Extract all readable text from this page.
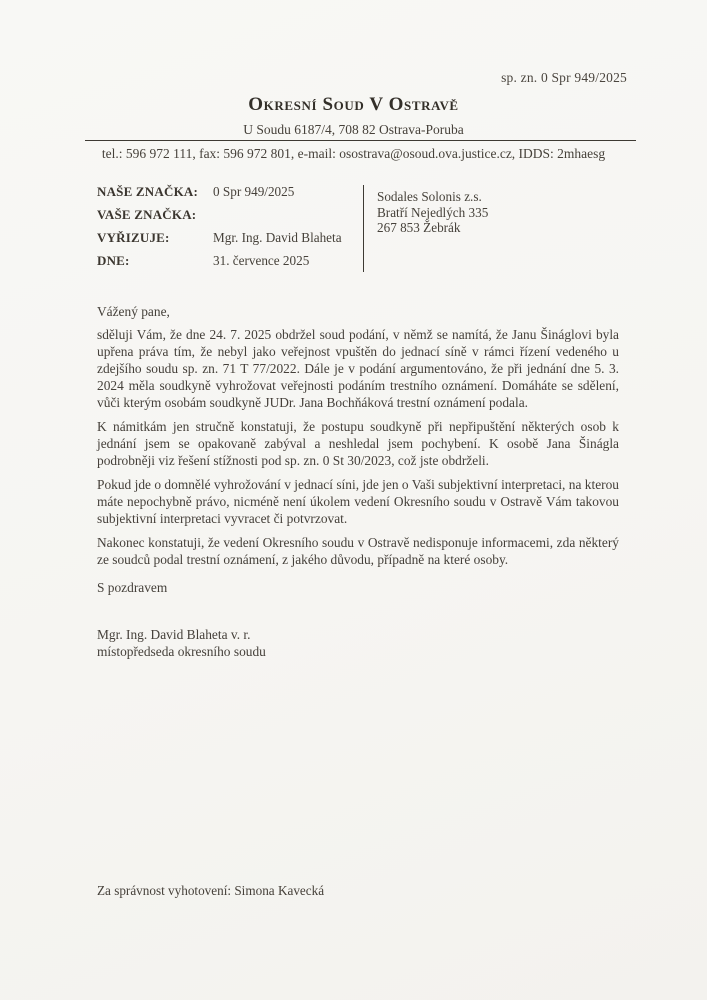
sp. zn. 0 Spr 949/2025
Okresní Soud V Ostravě
U Soudu 6187/4, 708 82 Ostrava-Poruba
tel.: 596 972 111, fax: 596 972 801, e-mail: osostrava@osoud.ova.justice.cz, IDDS: 2mhaesg
NAŠE ZNAČKA:	0 Spr 949/2025
VAŠE ZNAČKA:
VYŘIZUJE:	Mgr. Ing. David Blaheta
DNE:	31. července 2025
Sodales Solonis z.s.
Bratří Nejedlých 335
267 853 Žebrák

Vážený pane,

sděluji Vám, že dne 24. 7. 2025 obdržel soud podání, v němž se namítá, že Janu Šináglovi byla upřena práva tím, že nebyl jako veřejnost vpuštěn do jednací síně v rámci řízení vedeného u zdejšího soudu sp. zn. 71 T 77/2022. Dále je v podání argumentováno, že při jednání dne 5. 3. 2024 měla soudkyně vyhrožovat veřejnosti podáním trestního oznámení. Domáháte se sdělení, vůči kterým osobám soudkyně JUDr. Jana Bochňáková trestní oznámení podala.

K námitkám jen stručně konstatuji, že postupu soudkyně při nepřipuštění některých osob k jednání jsem se opakovaně zabýval a neshledal jsem pochybení. K osobě Jana Šinágla podrobněji viz řešení stížnosti pod sp. zn. 0 St 30/2023, což jste obdrželi.

Pokud jde o domnělé vyhrožování v jednací síni, jde jen o Vaši subjektivní interpretaci, na kterou máte nepochybně právo, nicméně není úkolem vedení Okresního soudu v Ostravě Vám takovou subjektivní interpretaci vyvracet či potvrzovat.

Nakonec konstatuji, že vedení Okresního soudu v Ostravě nedisponuje informacemi, zda některý ze soudců podal trestní oznámení, z jakého důvodu, případně na které osoby.

S pozdravem

Mgr. Ing. David Blaheta v. r.
místopředseda okresního soudu
Za správnost vyhotovení: Simona Kavecká
